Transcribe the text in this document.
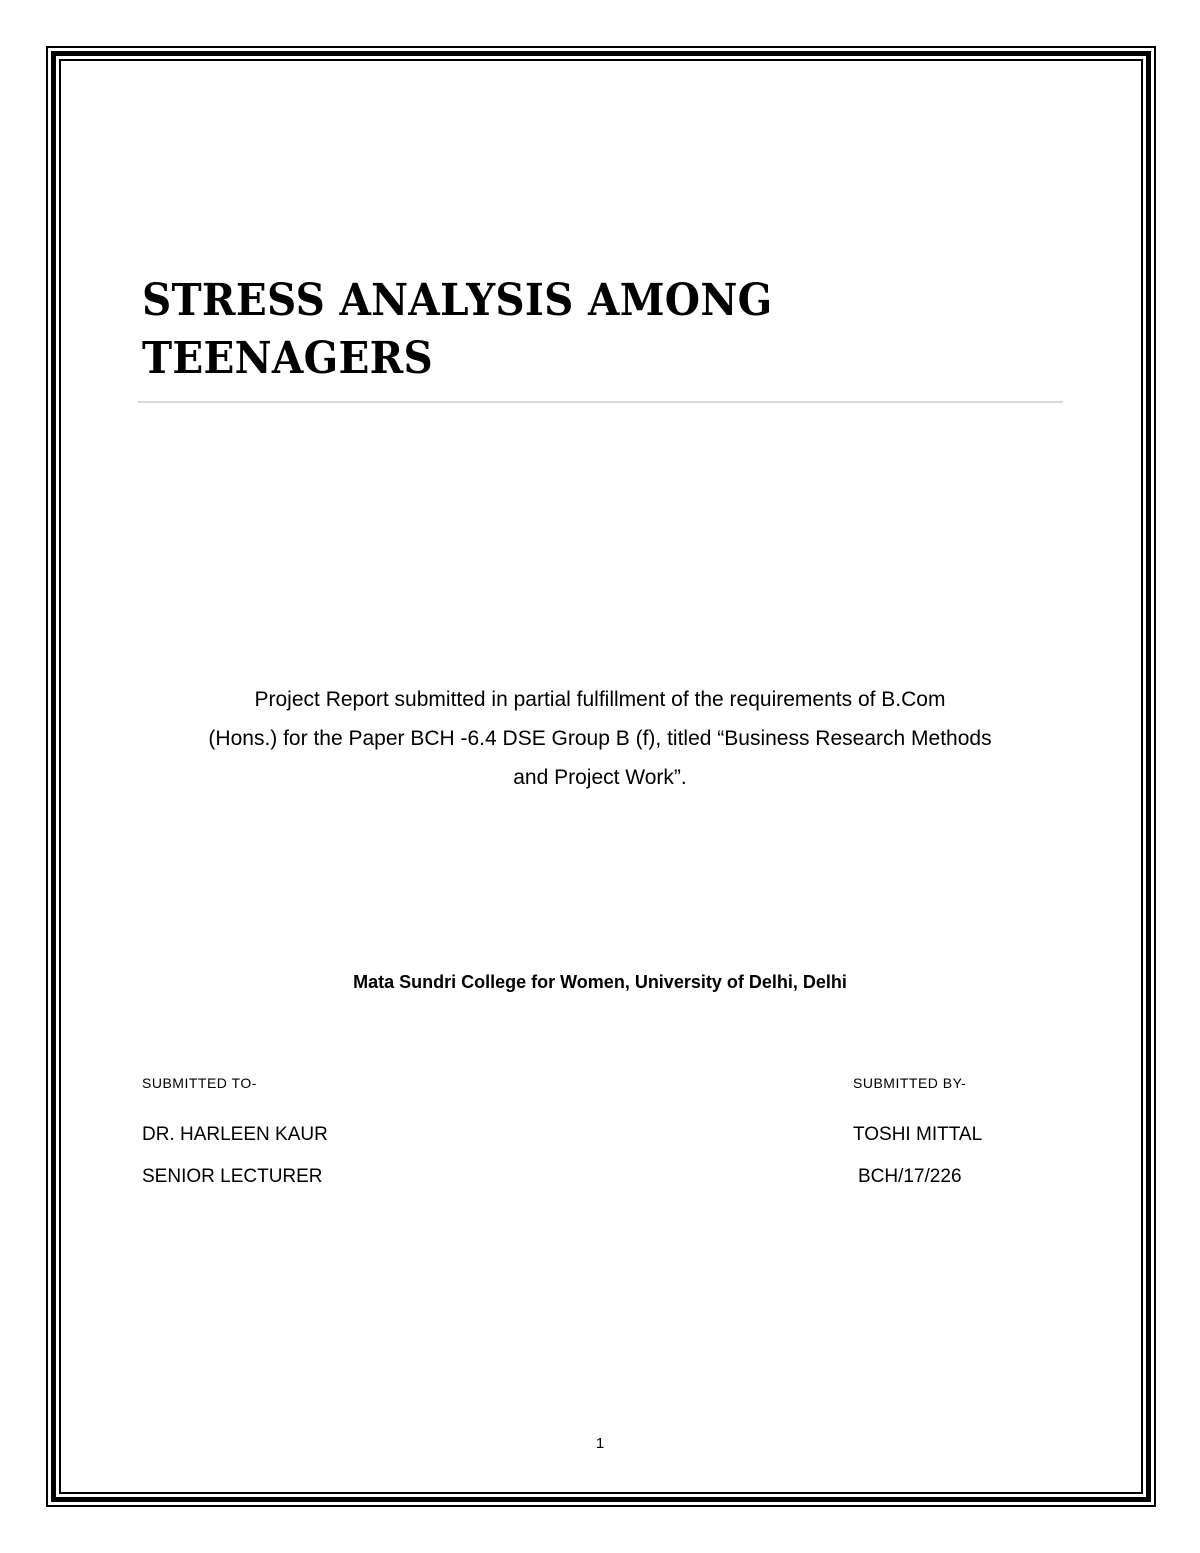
STRESS ANALYSIS AMONG
TEENAGERS

Project Report submitted in partial fulfillment of the requirements of B.Com
(Hons.) for the Paper BCH -6.4 DSE Group B (f), titled “Business Research Methods
and Project Work”.

Mata Sundri College for Women, University of Delhi, Delhi

SUBMITTED TO-
DR. HARLEEN KAUR
SENIOR LECTURER
SUBMITTED BY-
TOSHI MITTAL
BCH/17/226
1
